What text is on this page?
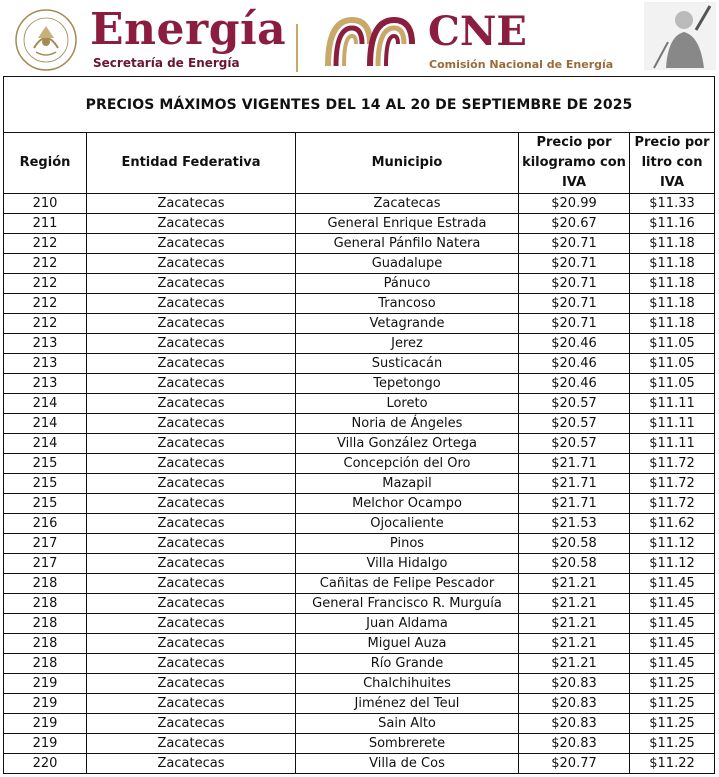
Energía
Secretaría de Energía
CNE
Comisión Nacional de Energía
PRECIOS MÁXIMOS VIGENTES DEL 14 AL 20 DE SEPTIEMBRE DE 2025				
Región	Entidad Federativa	Municipio	Precio por kilogramo con IVA	Precio por litro con IVA
210	Zacatecas	Zacatecas	$20.99	$11.33
211	Zacatecas	General Enrique Estrada	$20.67	$11.16
212	Zacatecas	General Pánfilo Natera	$20.71	$11.18
212	Zacatecas	Guadalupe	$20.71	$11.18
212	Zacatecas	Pánuco	$20.71	$11.18
212	Zacatecas	Trancoso	$20.71	$11.18
212	Zacatecas	Vetagrande	$20.71	$11.18
213	Zacatecas	Jerez	$20.46	$11.05
213	Zacatecas	Susticacán	$20.46	$11.05
213	Zacatecas	Tepetongo	$20.46	$11.05
214	Zacatecas	Loreto	$20.57	$11.11
214	Zacatecas	Noria de Ángeles	$20.57	$11.11
214	Zacatecas	Villa González Ortega	$20.57	$11.11
215	Zacatecas	Concepción del Oro	$21.71	$11.72
215	Zacatecas	Mazapil	$21.71	$11.72
215	Zacatecas	Melchor Ocampo	$21.71	$11.72
216	Zacatecas	Ojocaliente	$21.53	$11.62
217	Zacatecas	Pinos	$20.58	$11.12
217	Zacatecas	Villa Hidalgo	$20.58	$11.12
218	Zacatecas	Cañitas de Felipe Pescador	$21.21	$11.45
218	Zacatecas	General Francisco R. Murguía	$21.21	$11.45
218	Zacatecas	Juan Aldama	$21.21	$11.45
218	Zacatecas	Miguel Auza	$21.21	$11.45
218	Zacatecas	Río Grande	$21.21	$11.45
219	Zacatecas	Chalchihuites	$20.83	$11.25
219	Zacatecas	Jiménez del Teul	$20.83	$11.25
219	Zacatecas	Sain Alto	$20.83	$11.25
219	Zacatecas	Sombrerete	$20.83	$11.25
220	Zacatecas	Villa de Cos	$20.77	$11.22
